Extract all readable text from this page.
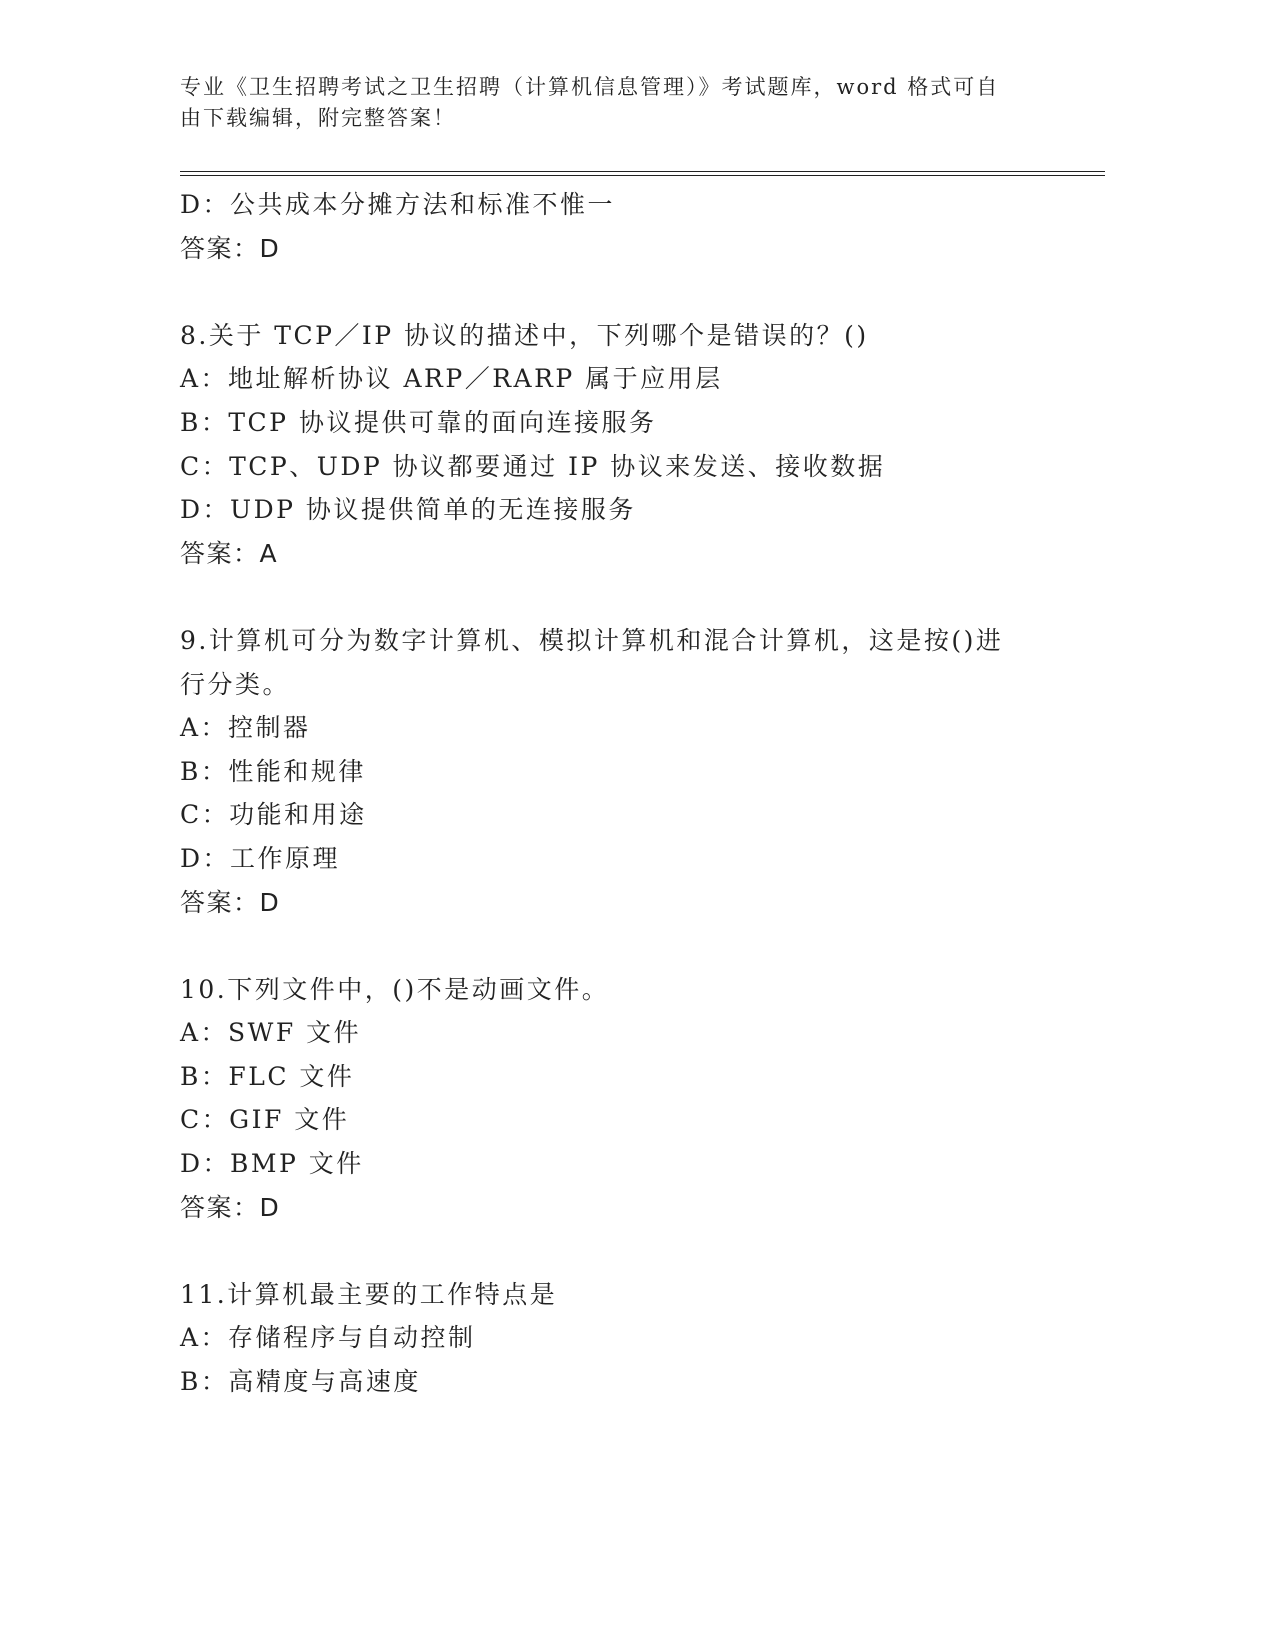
专业《卫生招聘考试之卫生招聘（计算机信息管理）》考试题库，word 格式可自
由下载编辑，附完整答案！
D：公共成本分摊方法和标准不惟一
答案：D
8.关于 TCP／IP 协议的描述中，下列哪个是错误的？()
A：地址解析协议 ARP／RARP 属于应用层
B：TCP 协议提供可靠的面向连接服务
C：TCP、UDP 协议都要通过 IP 协议来发送、接收数据
D：UDP 协议提供简单的无连接服务
答案：A
9.计算机可分为数字计算机、模拟计算机和混合计算机，这是按()进
行分类。
A：控制器
B：性能和规律
C：功能和用途
D：工作原理
答案：D
10.下列文件中，()不是动画文件。
A：SWF 文件
B：FLC 文件
C：GIF 文件
D：BMP 文件
答案：D
11.计算机最主要的工作特点是
A：存储程序与自动控制
B：高精度与高速度
